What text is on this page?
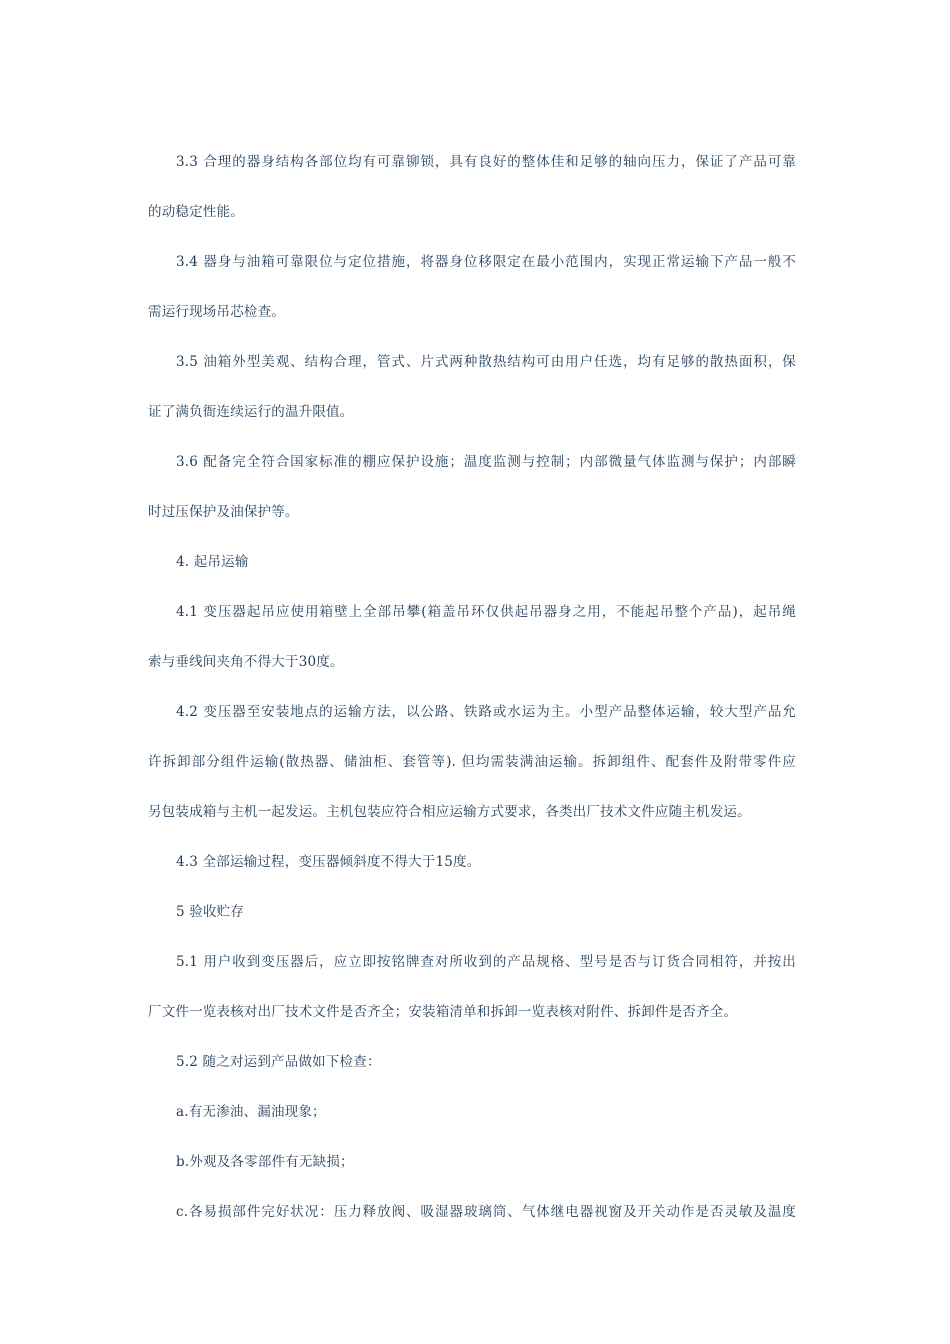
3.3 合理的器身结构各部位均有可靠铆锁，具有良好的整体佳和足够的轴向压力，保证了产品可靠
的动稳定性能。
3.4 器身与油箱可靠限位与定位措施，将器身位移限定在最小范围内，实现正常运输下产品一般不
需运行现场吊芯检查。
3.5 油箱外型美观、结构合理，管式、片式两种散热结构可由用户任选，均有足够的散热面积，保
证了满负衙连续运行的温升限值。
3.6 配备完全符合国家标准的棚应保护设施；温度监测与控制；内部微量气体监测与保护；内部瞬
时过压保护及油保护等。
4. 起吊运输
4.1 变压器起吊应使用箱壁上全部吊攀(箱盖吊环仅供起吊器身之用，不能起吊整个产品)，起吊绳
索与垂线间夹角不得大于30度。
4.2 变压器至安装地点的运输方法，以公路、铁路或水运为主。小型产品整体运输，较大型产品允
许拆卸部分组件运输(散热器、储油柜、套管等). 但均需装满油运输。拆卸组件、配套件及附带零件应
另包装成箱与主机一起发运。主机包装应符合相应运输方式要求，各类出厂技术文件应随主机发运。
4.3 全部运输过程，变压器倾斜度不得大于15度。
5 验收贮存
5.1 用户收到变压器后，应立即按铭牌查对所收到的产品规格、型号是否与订货合同相符，并按出
厂文件一览表核对出厂技术文件是否齐全；安装箱清单和拆卸一览表核对附件、拆卸件是否齐全。
5.2 随之对运到产品做如下检查：
a.有无渗油、漏油现象；
b.外观及各零部件有无缺损；
c.各易损部件完好状况：压力释放阀、吸湿器玻璃筒、气体继电器视窗及开关动作是否灵敏及温度
